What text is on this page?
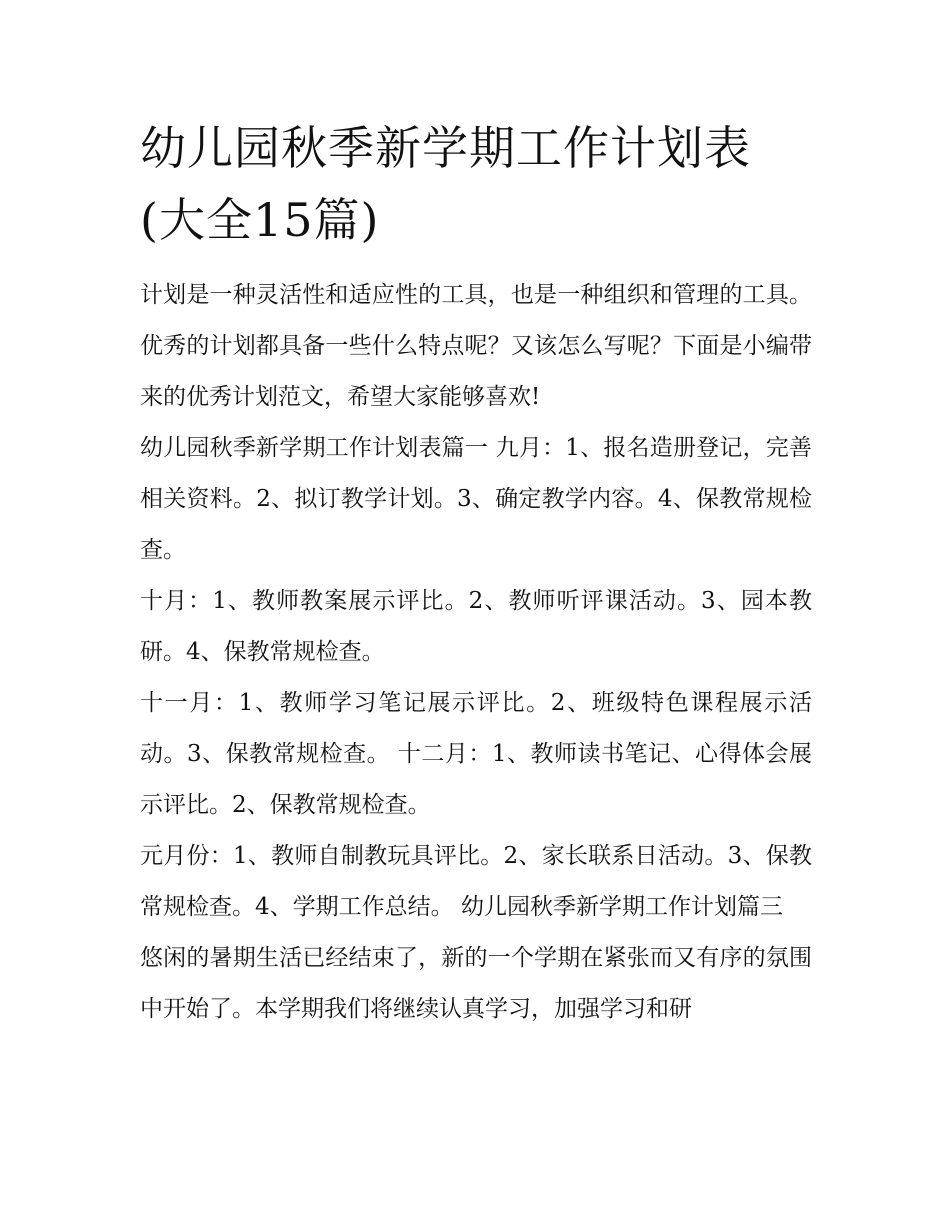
幼儿园秋季新学期工作计划表
(大全15篇)

计划是一种灵活性和适应性的工具，也是一种组织和管理的工具。优秀的计划都具备一些什么特点呢？又该怎么写呢？下面是小编带来的优秀计划范文，希望大家能够喜欢!

幼儿园秋季新学期工作计划表篇一 九月：1、报名造册登记，完善相关资料。2、拟订教学计划。3、确定教学内容。4、保教常规检查。

十月：1、教师教案展示评比。2、教师听评课活动。3、园本教研。4、保教常规检查。

十一月：1、教师学习笔记展示评比。2、班级特色课程展示活动。3、保教常规检查。 十二月：1、教师读书笔记、心得体会展示评比。2、保教常规检查。

元月份：1、教师自制教玩具评比。2、家长联系日活动。3、保教常规检查。4、学期工作总结。 幼儿园秋季新学期工作计划篇三

悠闲的暑期生活已经结束了，新的一个学期在紧张而又有序的氛围中开始了。本学期我们将继续认真学习，加强学习和研
